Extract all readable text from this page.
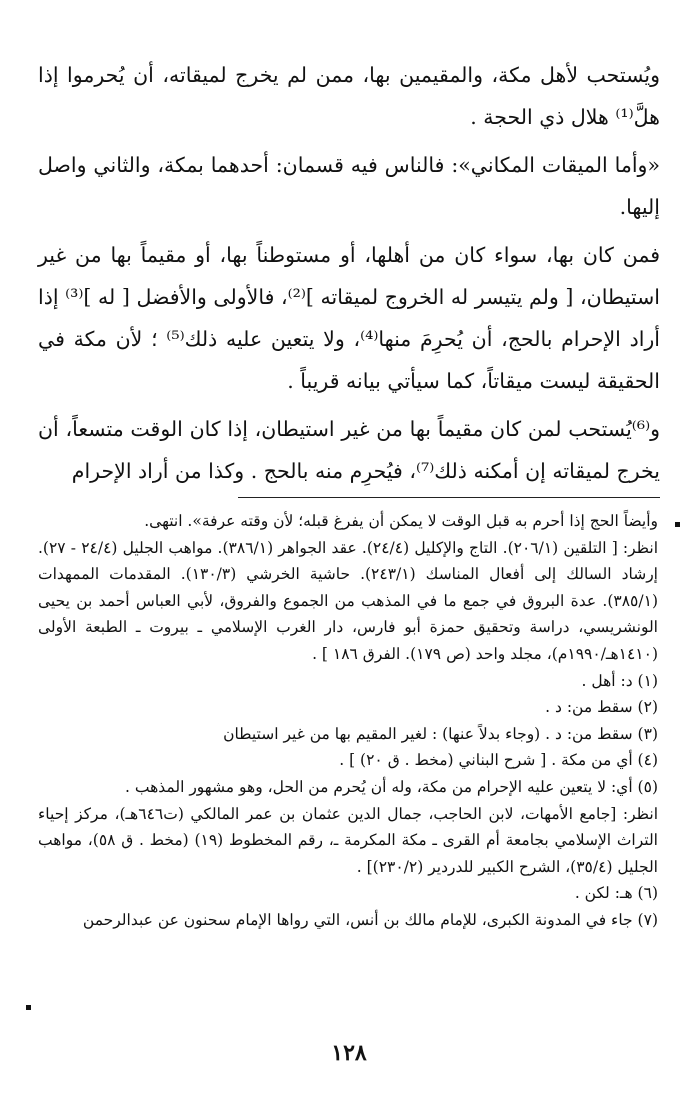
ويُستحب لأهل مكة، والمقيمين بها، ممن لم يخرج لميقاته، أن يُحرموا إذا هلَّ⁽¹⁾ هلال ذي الحجة .

«وأما الميقات المكاني»: فالناس فيه قسمان: أحدهما بمكة، والثاني واصل إليها.

فمن كان بها، سواء كان من أهلها، أو مستوطناً بها، أو مقيماً بها من غير استيطان، [ ولم يتيسر له الخروج لميقاته ]⁽²⁾، فالأولى والأفضل [ له ]⁽³⁾ إذا أراد الإحرام بالحج، أن يُحرِمَ منها⁽⁴⁾، ولا يتعين عليه ذلك⁽⁵⁾ ؛ لأن مكة في الحقيقة ليست ميقاتاً، كما سيأتي بيانه قريباً .

و⁽⁶⁾يُستحب لمن كان مقيماً بها من غير استيطان، إذا كان الوقت متسعاً، أن يخرج لميقاته إن أمكنه ذلك⁽⁷⁾، فيُحرِم منه بالحج . وكذا من أراد الإحرام

وأيضاً الحج إذا أحرم به قبل الوقت لا يمكن أن يفرغ قبله؛ لأن وقته عرفة». انتهى.

انظر: [ التلقين (٢٠٦/١). التاج والإكليل (٢٤/٤). عقد الجواهر (٣٨٦/١). مواهب الجليل (٢٤/٤ - ٢٧). إرشاد السالك إلى أفعال المناسك (٢٤٣/١). حاشية الخرشي (١٣٠/٣). المقدمات الممهدات (٣٨٥/١). عدة البروق في جمع ما في المذهب من الجموع والفروق، لأبي العباس أحمد بن يحيى الونشريسي، دراسة وتحقيق حمزة أبو فارس، دار الغرب الإسلامي ـ بيروت ـ الطبعة الأولى (١٤١٠هـ/١٩٩٠م)، مجلد واحد (ص ١٧٩). الفرق ١٨٦ ] .

(١) د: أهل .

(٢) سقط من: د .

(٣) سقط من: د . (وجاء بدلاً عنها) : لغير المقيم بها من غير استيطان

(٤) أي من مكة . [ شرح البناني (مخط . ق ٢٠) ] .

(٥) أي: لا يتعين عليه الإحرام من مكة، وله أن يُحرم من الحل، وهو مشهور المذهب .

انظر: [جامع الأمهات، لابن الحاجب، جمال الدين عثمان بن عمر المالكي (ت٦٤٦هـ)، مركز إحياء التراث الإسلامي بجامعة أم القرى ـ مكة المكرمة ـ، رقم المخطوط (١٩) (مخط . ق ٥٨)، مواهب الجليل (٣٥/٤)، الشرح الكبير للدردير (٢٣٠/٢)] .

(٦) هـ: لكن .

(٧) جاء في المدونة الكبرى، للإمام مالك بن أنس، التي رواها الإمام سحنون عن عبدالرحمن

١٢٨
